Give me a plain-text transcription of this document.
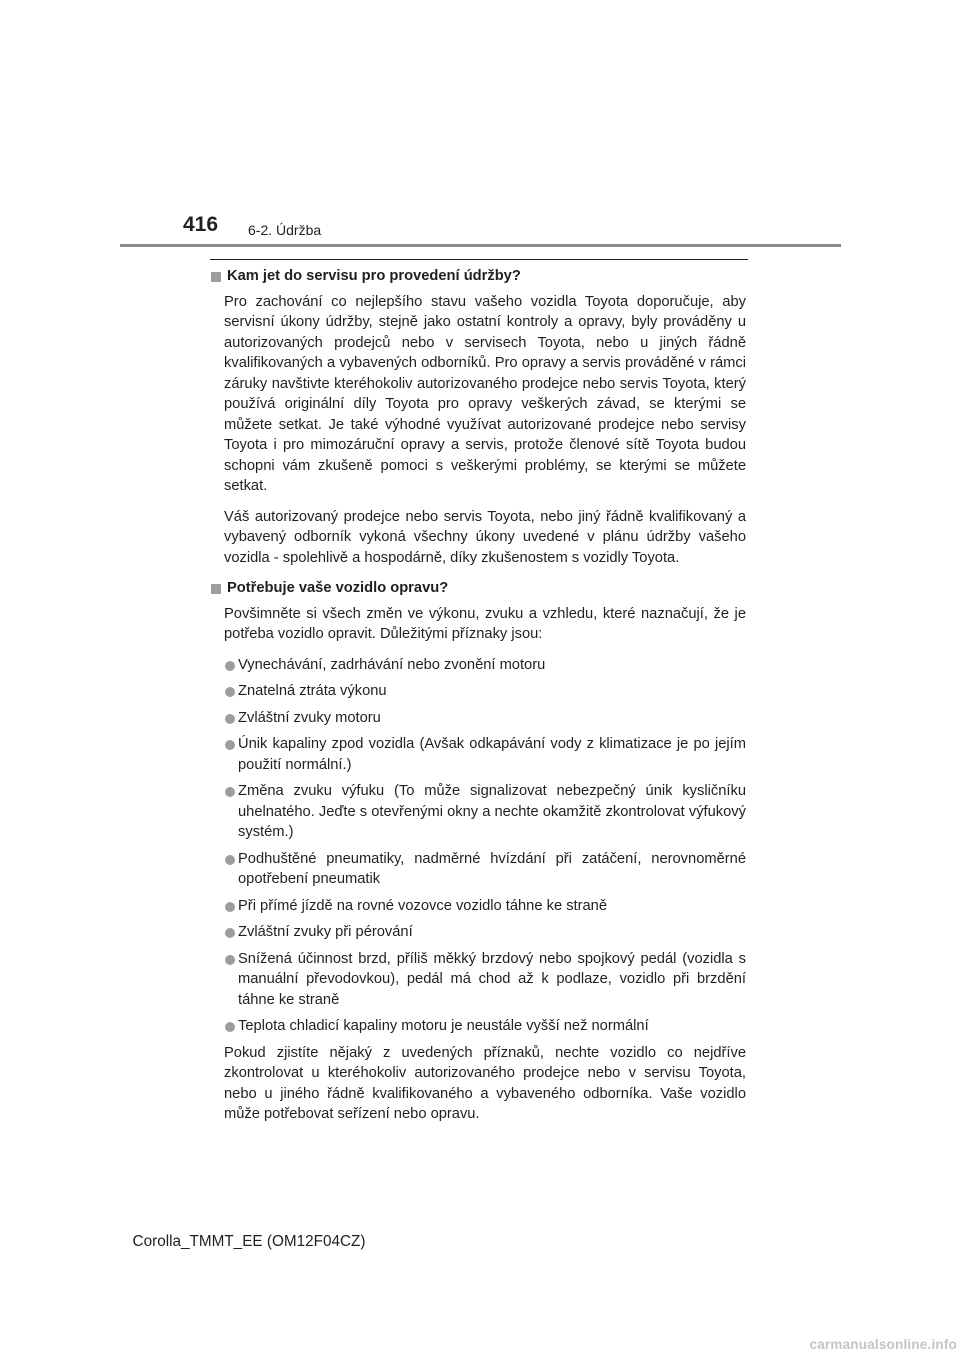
416 6-2. Údržba
Kam jet do servisu pro provedení údržby?

Pro zachování co nejlepšího stavu vašeho vozidla Toyota doporučuje, aby servisní úkony údržby, stejně jako ostatní kontroly a opravy, byly prováděny u autorizovaných prodejců nebo v servisech Toyota, nebo u jiných řádně kvalifikovaných a vybavených odborníků. Pro opravy a servis prováděné v rámci záruky navštivte kteréhokoliv autorizovaného prodejce nebo servis Toyota, který používá originální díly Toyota pro opravy veškerých závad, se kterými se můžete setkat. Je také výhodné využívat autorizované prodejce nebo servisy Toyota i pro mimozáruční opravy a servis, protože členové sítě Toyota budou schopni vám zkušeně pomoci s veškerými problémy, se kterými se můžete setkat.

Váš autorizovaný prodejce nebo servis Toyota, nebo jiný řádně kvalifikovaný a vybavený odborník vykoná všechny úkony uvedené v plánu údržby vašeho vozidla - spolehlivě a hospodárně, díky zkušenostem s vozidly Toyota.

Potřebuje vaše vozidlo opravu?

Povšimněte si všech změn ve výkonu, zvuku a vzhledu, které naznačují, že je potřeba vozidlo opravit. Důležitými příznaky jsou:

Vynechávání, zadrhávání nebo zvonění motoru
Znatelná ztráta výkonu
Zvláštní zvuky motoru
Únik kapaliny zpod vozidla (Avšak odkapávání vody z klimatizace je po jejím použití normální.)
Změna zvuku výfuku (To může signalizovat nebezpečný únik kysličníku uhelnatého. Jeďte s otevřenými okny a nechte okamžitě zkontrolovat výfukový systém.)
Podhuštěné pneumatiky, nadměrné hvízdání při zatáčení, nerovnoměrné opotřebení pneumatik
Při přímé jízdě na rovné vozovce vozidlo táhne ke straně
Zvláštní zvuky při pérování
Snížená účinnost brzd, příliš měkký brzdový nebo spojkový pedál (vozidla s manuální převodovkou), pedál má chod až k podlaze, vozidlo při brzdění táhne ke straně
Teplota chladicí kapaliny motoru je neustále vyšší než normální

Pokud zjistíte nějaký z uvedených příznaků, nechte vozidlo co nejdříve zkontrolovat u kteréhokoliv autorizovaného prodejce nebo v servisu Toyota, nebo u jiného řádně kvalifikovaného a vybaveného odborníka. Vaše vozidlo může potřebovat seřízení nebo opravu.

Corolla_TMMT_EE (OM12F04CZ)
carmanualsonline.info
